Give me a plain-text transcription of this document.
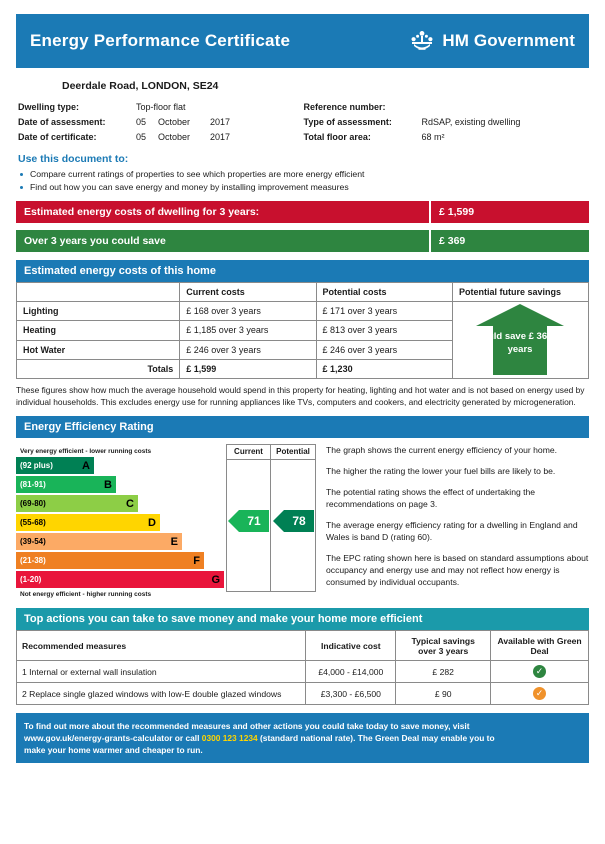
Energy Performance Certificate	HM Government
Deerdale Road, LONDON, SE24
Dwelling type:	Top-floor flat
Date of assessment:	05 October 2017
Date of certificate:	05 October 2017
Reference number:
Type of assessment:	RdSAP, existing dwelling
Total floor area:	68 m²
Use this document to:
Compare current ratings of properties to see which properties are more energy efficient
Find out how you can save energy and money by installing improvement measures
Estimated energy costs of dwelling for 3 years:	£ 1,599
Over 3 years you could save	£ 369
Estimated energy costs of this home
	Current costs	Potential costs	Potential future savings
Lighting	£ 168 over 3 years	£ 171 over 3 years	You could save £ 369 over 3 years

Heating	£ 1,185 over 3 years	£ 813 over 3 years	
Hot Water	£ 246 over 3 years	£ 246 over 3 years	
Totals	£ 1,599	£ 1,230	
These figures show how much the average household would spend in this property for heating, lighting and hot water and is not based on energy used by individual households. This excludes energy use for running appliances like TVs, computers and cookers, and electricity generated by microgeneration.
Energy Efficiency Rating
Very energy efficient - lower running costs
(92 plus)	A
(81-91)	B
(69-80)	C
(55-68)	D
(39-54)	E
(21-38)	F
(1-20)	G
Not energy efficient - higher running costs
Current	Potential
71	78

The graph shows the current energy efficiency of your home.

The higher the rating the lower your fuel bills are likely to be.

The potential rating shows the effect of undertaking the recommendations on page 3.

The average energy efficiency rating for a dwelling in England and Wales is band D (rating 60).

The EPC rating shown here is based on standard assumptions about occupancy and energy use and may not reflect how energy is consumed by individual occupants.

Top actions you can take to save money and make your home more efficient
Recommended measures	Indicative cost	Typical savings over 3 years	Available with Green Deal
1 Internal or external wall insulation	£4,000 - £14,000	£ 282	✓
2 Replace single glazed windows with low-E double glazed windows	£3,300 - £6,500	£ 90	✓
To find out more about the recommended measures and other actions you could take today to save money, visit
www.gov.uk/energy-grants-calculator or call 0300 123 1234 (standard national rate). The Green Deal may enable you to
make your home warmer and cheaper to run.
